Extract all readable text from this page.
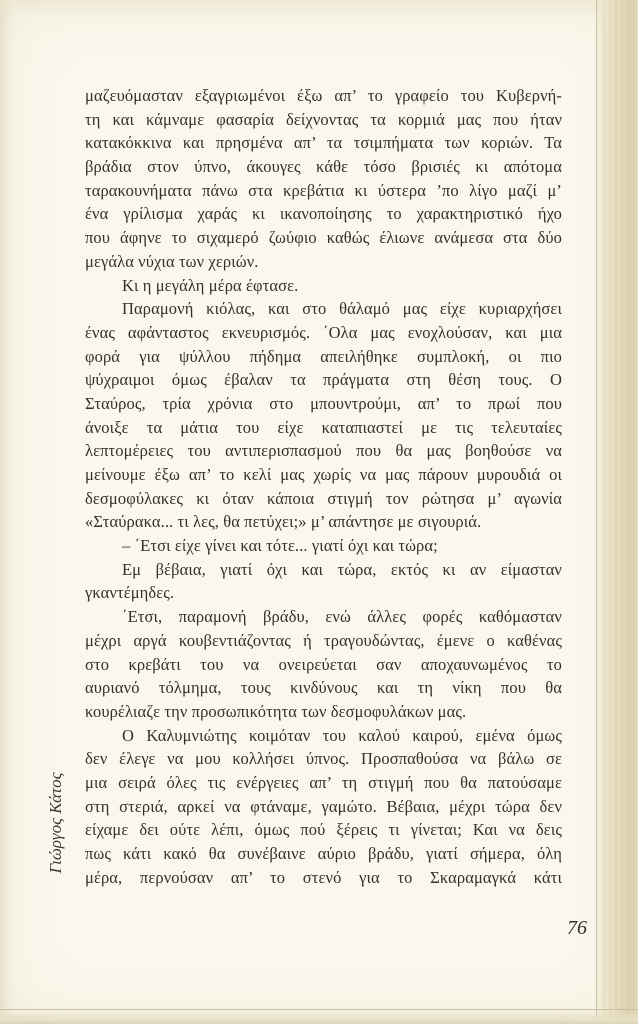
Γιώργος Κάτος

μαζευόμασταν εξαγριωμένοι έξω απ’ το γραφείο του Κυβερνή-
τη και κάμναμε φασαρία δείχνοντας τα κορμιά μας που ήταν
κατακόκκινα και πρησμένα απ’ τα τσιμπήματα των κοριών. Τα
βράδια στον ύπνο, άκουγες κάθε τόσο βρισιές κι απότομα
ταρακουνήματα πάνω στα κρεβάτια κι ύστερα ’πο λίγο μαζί μ’
ένα γρίλισμα χαράς κι ικανοποίησης το χαρακτηριστικό ήχο
που άφηνε το σιχαμερό ζωύφιο καθώς έλιωνε ανάμεσα στα δύο
μεγάλα νύχια των χεριών.

Κι η μεγάλη μέρα έφτασε.

Παραμονή κιόλας, και στο θάλαμό μας είχε κυριαρχήσει
ένας αφάνταστος εκνευρισμός. ΄Ολα μας ενοχλούσαν, και μια
φορά για ψύλλου πήδημα απειλήθηκε συμπλοκή, οι πιο
ψύχραιμοι όμως έβαλαν τα πράγματα στη θέση τους. Ο
Σταύρος, τρία χρόνια στο μπουντρούμι, απ’ το πρωί που
άνοιξε τα μάτια του είχε καταπιαστεί με τις τελευταίες
λεπτομέρειες του αντιπερισπασμού που θα μας βοηθούσε να
μείνουμε έξω απ’ το κελί μας χωρίς να μας πάρουν μυρουδιά οι
δεσμοφύλακες κι όταν κάποια στιγμή τον ρώτησα μ’ αγωνία
«Σταύρακα... τι λες, θα πετύχει;» μ’ απάντησε με σιγουριά.

– ΄Ετσι είχε γίνει και τότε... γιατί όχι και τώρα;

Εμ βέβαια, γιατί όχι και τώρα, εκτός κι αν είμασταν
γκαντέμηδες.

΄Ετσι, παραμονή βράδυ, ενώ άλλες φορές καθόμασταν
μέχρι αργά κουβεντιάζοντας ή τραγουδώντας, έμενε ο καθένας
στο κρεβάτι του να ονειρεύεται σαν αποχαυνωμένος το
αυριανό τόλμημα, τους κινδύνους και τη νίκη που θα
κουρέλιαζε την προσωπικότητα των δεσμοφυλάκων μας.

Ο Καλυμνιώτης κοιμόταν του καλού καιρού, εμένα όμως
δεν έλεγε να μου κολλήσει ύπνος. Προσπαθούσα να βάλω σε
μια σειρά όλες τις ενέργειες απ’ τη στιγμή που θα πατούσαμε
στη στεριά, αρκεί να φτάναμε, γαμώτο. Βέβαια, μέχρι τώρα δεν
είχαμε δει ούτε λέπι, όμως πού ξέρεις τι γίνεται; Και να δεις
πως κάτι κακό θα συνέβαινε αύριο βράδυ, γιατί σήμερα, όλη
μέρα, περνούσαν απ’ το στενό για το Σκαραμαγκά κάτι

76
